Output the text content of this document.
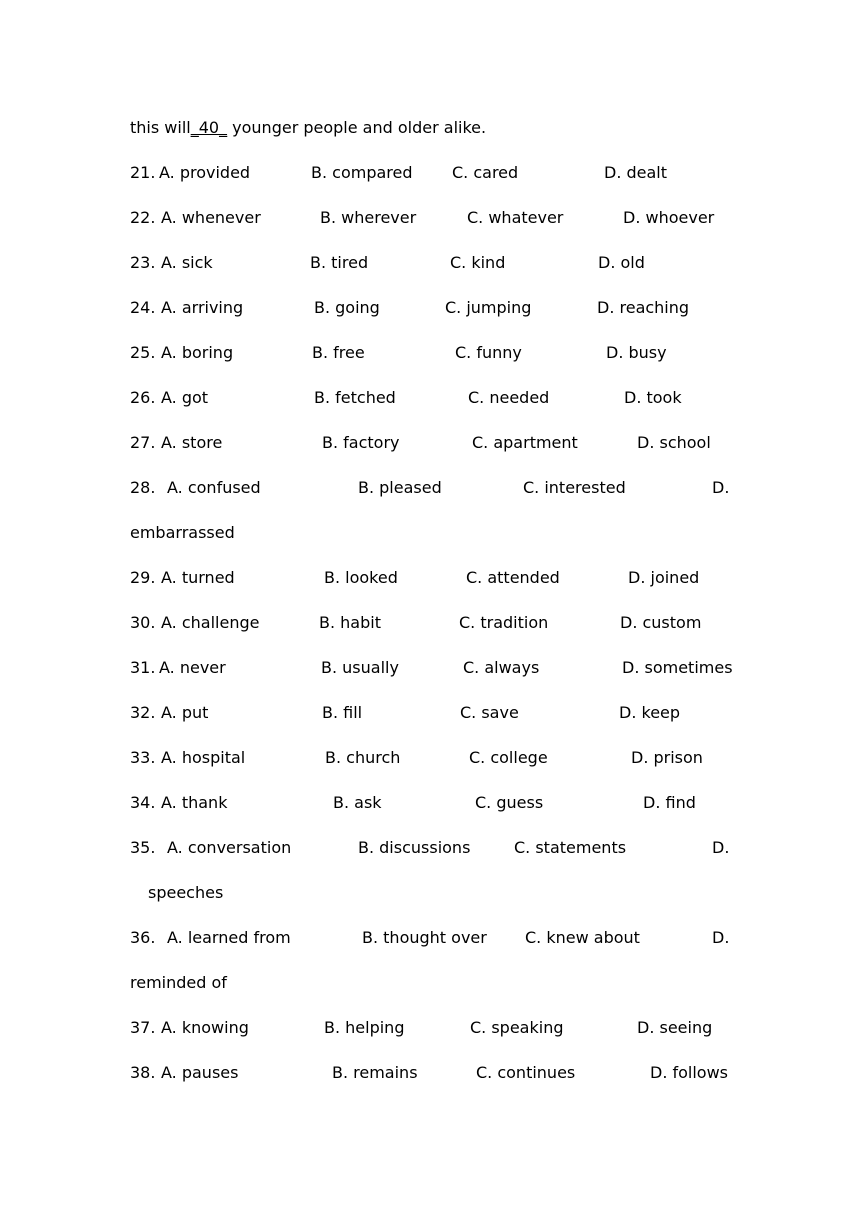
this will_40_ younger people and older alike.
21. A. provided	B. compared C. cared	D. dealt
22. A. whenever	B. wherever	C. whatever	D. whoever
23. A. sick	B. tired	C. kind	D. old
24. A. arriving	B. going	C. jumping	D. reaching
25. A. boring	B. free	C. funny	D. busy
26. A. got	B. fetched	C. needed	D. took
27. A. store	B. factory	C. apartment	D. school
28. A. confused	B. pleased	C. interested	D.
embarrassed
29. A. turned	B. looked	C. attended	D. joined
30. A. challenge	B. habit	C. tradition	D. custom
31. A. never	B. usually	C. always	D. sometimes
32. A. put	B. fill	C. save	D. keep
33. A. hospital	B. church	C. college	D. prison
34. A. thank	B. ask	C. guess	D. find
35. A. conversation	B. discussions	C. statements	D.
speeches
36. A. learned from	B. thought over C. knew about	D.
reminded of
37. A. knowing	B. helping	C. speaking	D. seeing
38. A. pauses	B. remains	C. continues	D. follows
